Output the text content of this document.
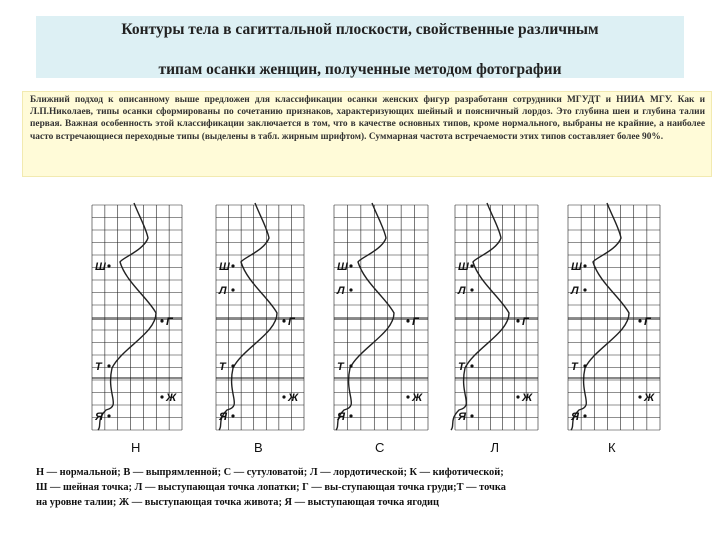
Контуры тела в сагиттальной плоскости, свойственные различным
типам осанки женщин, полученные методом фотографии
Ближний подход к описанному выше предложен для классификации осанки женских фигур разработанн сотрудники МГУДТ и НИИА МГУ. Как и Л.П.Николаев, типы осанки сформированы по сочетанию признаков, характеризующих шейный и поясничный лордоз. Это глубина шеи и глубина талии первая. Важная особенность этой классификации заключается в том, что в качестве основных типов, кроме нормального, выбраны не крайние, а наиболее часто встречающиеся переходные типы (выделены в табл. жирным шрифтом). Суммарная частота встречаемости этих типов составляет более 90%.
Ш
Г
Т
Ж
Я
Н
Ш
Л
Г
Т
Ж
Я
В
Ш
Л
Г
Т
Ж
Я
С
Ш
Л
Г
Т
Ж
Я
Л
Ш
Л
Г
Т
Ж
Я
К
Н — нормальной; В — выпрямленной; С — сутуловатой; Л — лордотической; К — кифотической;
Ш — шейная точка; Л — выступающая точка лопатки; Г — вы-ступающая точка груди;Т — точка
на уровне талии; Ж — выступающая точка живота; Я — выступающая точка ягодиц
